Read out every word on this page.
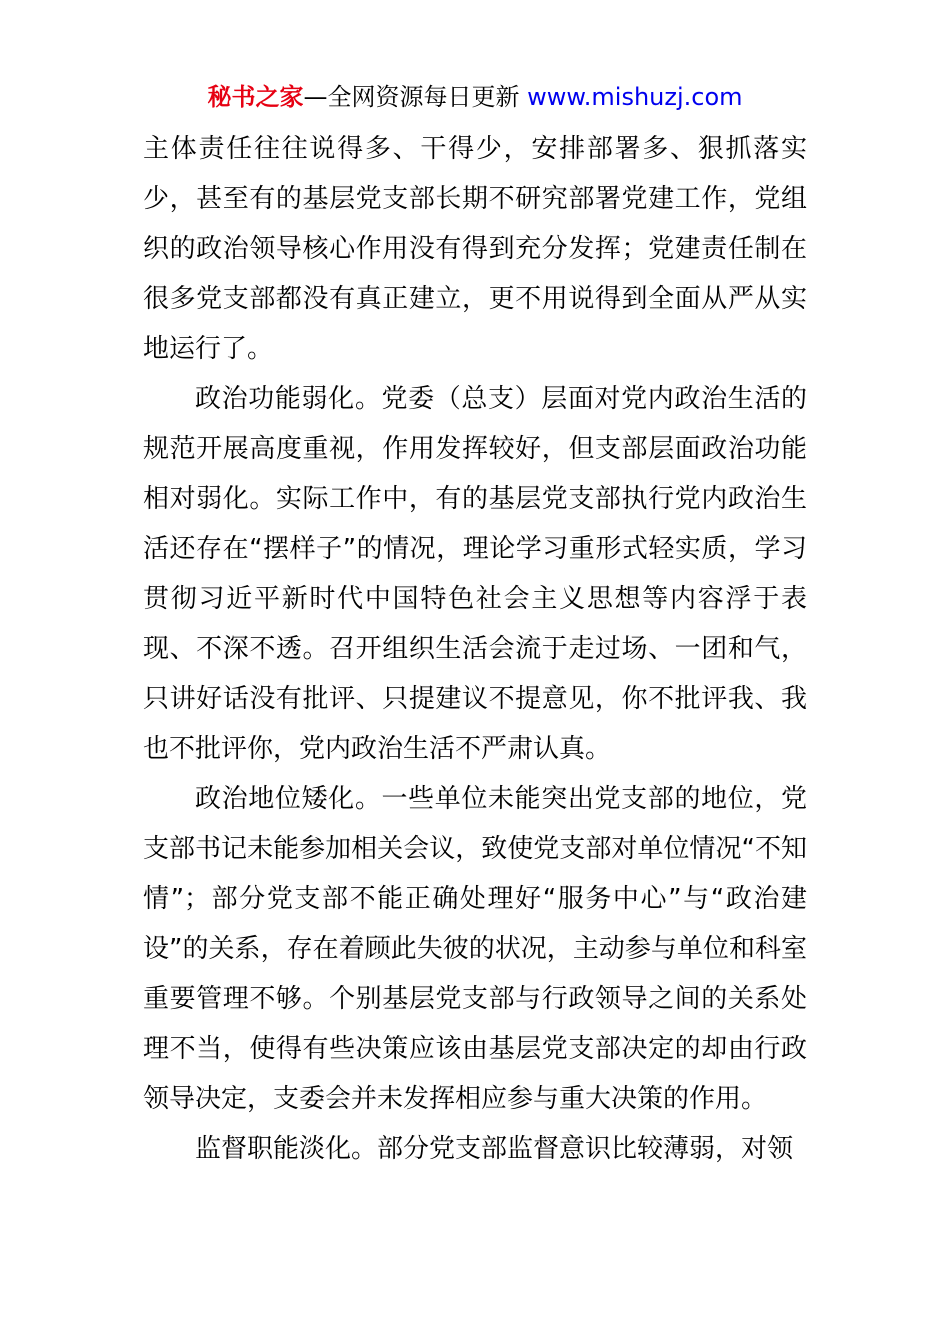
秘书之家—全网资源每日更新 www.mishuzj.com

主体责任往往说得多、干得少，安排部署多、狠抓落实少，甚至有的基层党支部长期不研究部署党建工作，党组织的政治领导核心作用没有得到充分发挥；党建责任制在很多党支部都没有真正建立，更不用说得到全面从严从实地运行了。

政治功能弱化。党委（总支）层面对党内政治生活的规范开展高度重视，作用发挥较好，但支部层面政治功能相对弱化。实际工作中，有的基层党支部执行党内政治生活还存在“摆样子”的情况，理论学习重形式轻实质，学习贯彻习近平新时代中国特色社会主义思想等内容浮于表现、不深不透。召开组织生活会流于走过场、一团和气，只讲好话没有批评、只提建议不提意见，你不批评我、我也不批评你，党内政治生活不严肃认真。

政治地位矮化。一些单位未能突出党支部的地位，党支部书记未能参加相关会议，致使党支部对单位情况“不知情”；部分党支部不能正确处理好“服务中心”与“政治建设”的关系，存在着顾此失彼的状况，主动参与单位和科室重要管理不够。个别基层党支部与行政领导之间的关系处理不当，使得有些决策应该由基层党支部决定的却由行政领导决定，支委会并未发挥相应参与重大决策的作用。

监督职能淡化。部分党支部监督意识比较薄弱，对领
